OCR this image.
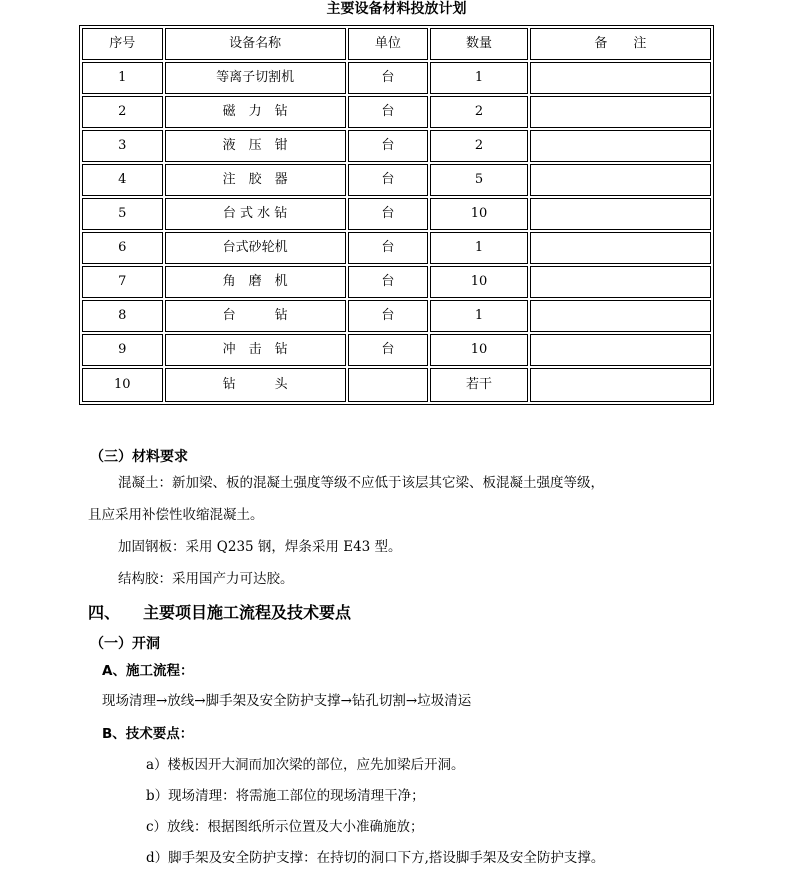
主要设备材料投放计划
序号	设备名称	单位	数量	备　　注
1	等离子切割机	台	1	
2	磁　力　钻	台	2	
3	液　压　钳	台	2	
4	注　胶　器	台	5	
5	台 式 水 钻	台	10	
6	台式砂轮机	台	1	
7	角　磨　机	台	10	
8	台　　　钻	台	1	
9	冲　击　钻	台	10	
10	钻　　　头		若干	
（三）材料要求
混凝土：新加梁、板的混凝土强度等级不应低于该层其它梁、板混凝土强度等级，
且应采用补偿性收缩混凝土。
加固钢板：采用 Q235 钢，焊条采用 E43 型。
结构胶：采用国产力可达胶。
四、 主要项目施工流程及技术要点
（一）开洞
A、施工流程：
现场清理→放线→脚手架及安全防护支撑→钻孔切割→垃圾清运
B、技术要点：
a）楼板因开大洞而加次梁的部位，应先加梁后开洞。
b）现场清理：将需施工部位的现场清理干净；
c）放线：根据图纸所示位置及大小准确施放；
d）脚手架及安全防护支撑：在持切的洞口下方,搭设脚手架及安全防护支撑。
